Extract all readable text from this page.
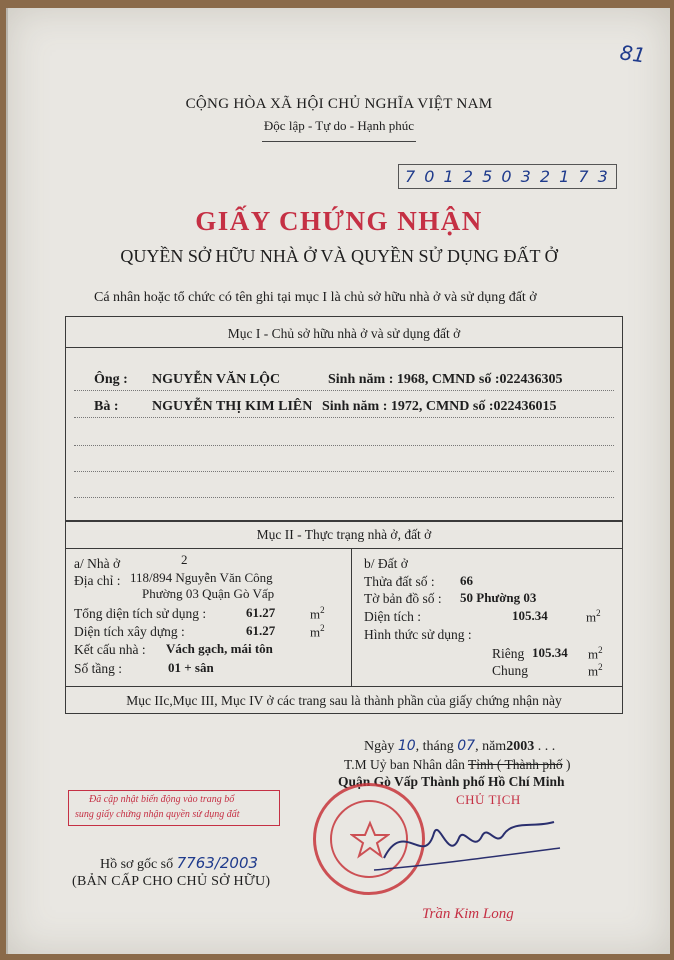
81
CỘNG HÒA XÃ HỘI CHỦ NGHĨA VIỆT NAM
Độc lập - Tự do - Hạnh phúc
7 0 1 2 5 0 3 2 1 7 3
GIẤY CHỨNG NHẬN
QUYỀN SỞ HỮU NHÀ Ở VÀ QUYỀN SỬ DỤNG ĐẤT Ở
Cá nhân hoặc tổ chức có tên ghi tại mục I là chủ sở hữu nhà ở và sử dụng đất ở
Mục I - Chủ sở hữu nhà ở và sử dụng đất ở
Ông : NGUYỄN VĂN LỘC	Sinh năm : 1968, CMND số :022436305
Bà : NGUYỄN THỊ KIM LIÊN Sinh năm : 1972, CMND số :022436015
Mục II - Thực trạng nhà ở, đất ở
a/ Nhà ở	2
Địa chỉ : 118/894 Nguyễn Văn Công
Phường 03 Quận Gò Vấp
Tổng diện tích sử dụng :	61.27	$m^2$
Diện tích xây dựng :	61.27	$m^2$
Kết cấu nhà : Vách gạch, mái tôn
Số tầng :	01 + sân
b/ Đất ở
Thửa đất số : 66
Tờ bản đồ số : 50 Phường 03
Diện tích :	105.34	$m^2$
Hình thức sử dụng :
Riêng 105.34 $m^2$
Chung	$m^2$
Mục IIc,Mục III, Mục IV ở các trang sau là thành phần của giấy chứng nhận này
Ngày 10, tháng 07, năm2003 . . .
T.M Uỷ ban Nhân dân Tỉnh ( Thành phố )
Quận Gò Vấp Thành phố Hồ Chí Minh
CHỦ TỊCH
Đã cập nhật biến động vào trang bổ
sung giấy chứng nhận quyền sử dụng đất
Trần Kim Long
Hồ sơ gốc số 7763/2003
(BẢN CẤP CHO CHỦ SỞ HỮU)
